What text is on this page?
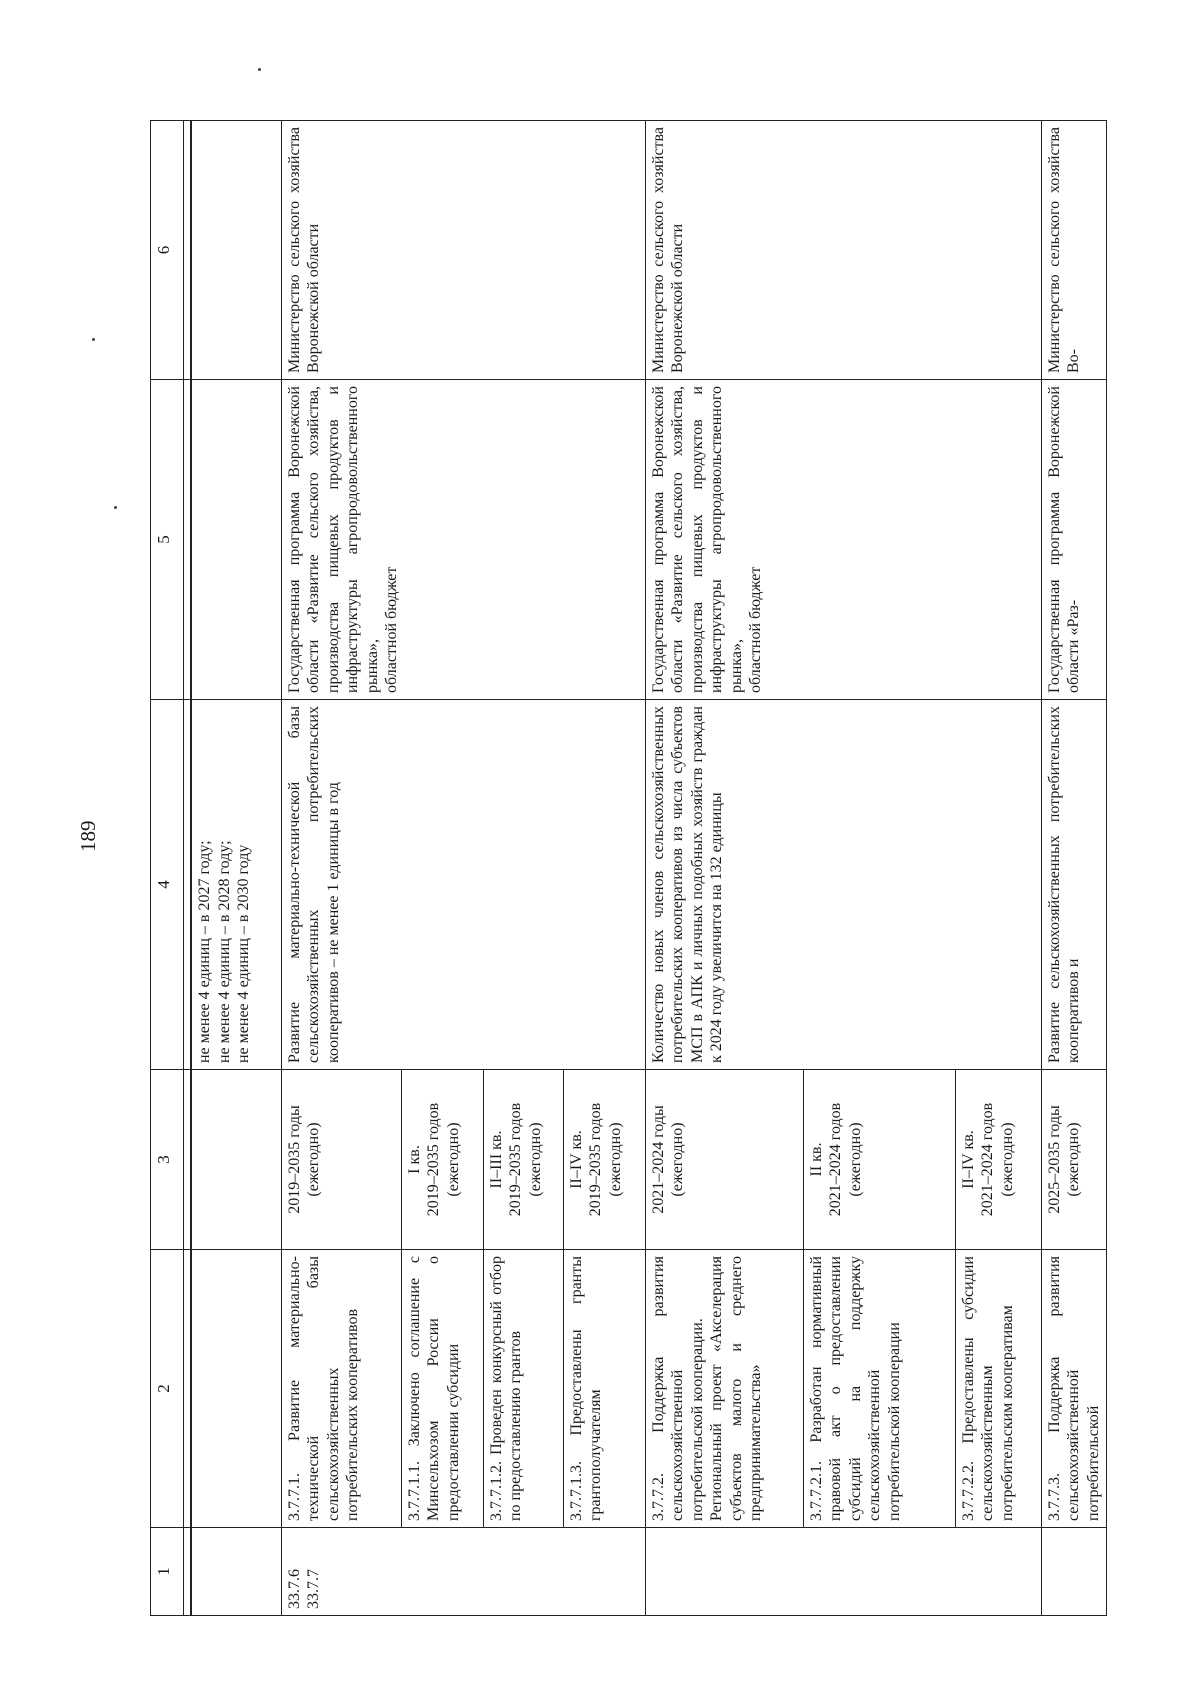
189
1	2	3	4	5	6

			не менее 4 единиц – в 2027 году;
не менее 4 единиц – в 2028 году;
не менее 4 единиц – в 2030 году		
33.7.6
33.7.7	3.7.7.1. Развитие материально-технической базы сельскохозяйственных потребительских кооперативов	2019–2035 годы (ежегодно)	Развитие материально-технической базы сельскохозяйственных потребительских кооперативов – не менее 1 единицы в год	Государственная программа Воронежской области «Развитие сельского хозяйства, производства пищевых продуктов и инфраструктуры агропродовольственного рынка»,
областной бюджет	Министерство сельского хозяйства Воронежской области
	3.7.7.1.1. Заключено соглашение с Минсельхозом России о предоставлении субсидии	I кв.
2019–2035 годов
(ежегодно)			
	3.7.7.1.2. Проведен конкурсный отбор по предоставлению грантов	II–III кв.
2019–2035 годов
(ежегодно)			
	3.7.7.1.3. Предоставлены гранты грантополучателям	II–IV кв.
2019–2035 годов
(ежегодно)			
	3.7.7.2. Поддержка развития сельскохозяйственной потребительской кооперации.
Региональный проект «Акселерация субъектов малого и среднего предпринимательства»	2021–2024 годы (ежегодно)	Количество новых членов сельскохозяйственных потребительских кооперативов из числа субъектов МСП в АПК и личных подобных хозяйств граждан к 2024 году увеличится на 132 единицы	Государственная программа Воронежской области «Развитие сельского хозяйства, производства пищевых продуктов и инфраструктуры агропродовольственного рынка»,
областной бюджет	Министерство сельского хозяйства Воронежской области
	3.7.7.2.1. Разработан нормативный правовой акт о предоставлении субсидий на поддержку сельскохозяйственной потребительской кооперации	II кв.
2021–2024 годов
(ежегодно)			
	3.7.7.2.2. Предоставлены субсидии сельскохозяйственным потребительским кооперативам	II–IV кв.
2021–2024 годов
(ежегодно)			
	3.7.7.3. Поддержка развития сельскохозяйственной потребительской	2025–2035 годы
(ежегодно)	Развитие сельскохозяйственных потребительских кооперативов и	Государственная программа Воронежской области «Раз-	Министерство сельского хозяйства Во-
